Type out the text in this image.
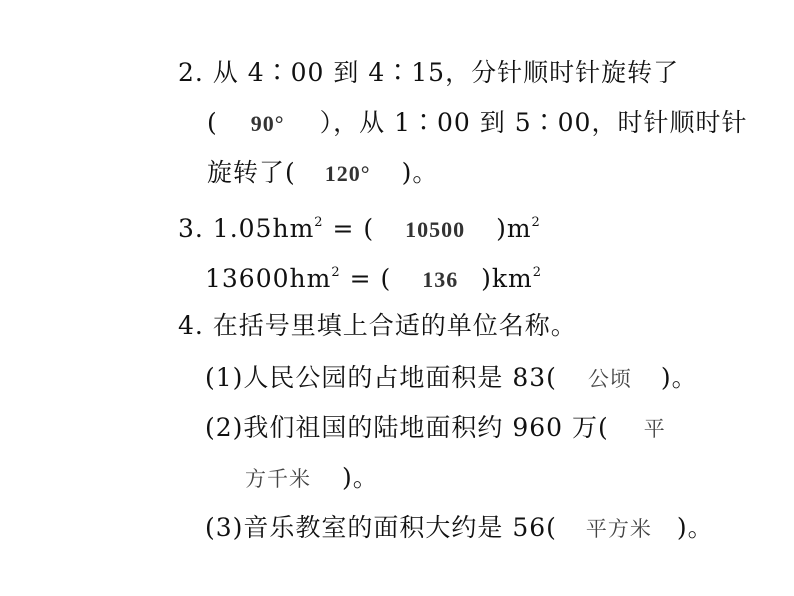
2. 从 4∶00 到 4∶15，分针顺时针旋转了
( 90° ），从 1∶00 到 5∶00，时针顺时针
旋转了( 120° )。
3. $1.05hm^2$ = ( 10500 )$m^2$
$13600hm^2$ = ( 136 )$km^2$
4. 在括号里填上合适的单位名称。
(1)人民公园的占地面积是 83( 公顷 )。
(2)我们祖国的陆地面积约 960 万( 平
方千米 )。
(3)音乐教室的面积大约是 56( 平方米 )。
